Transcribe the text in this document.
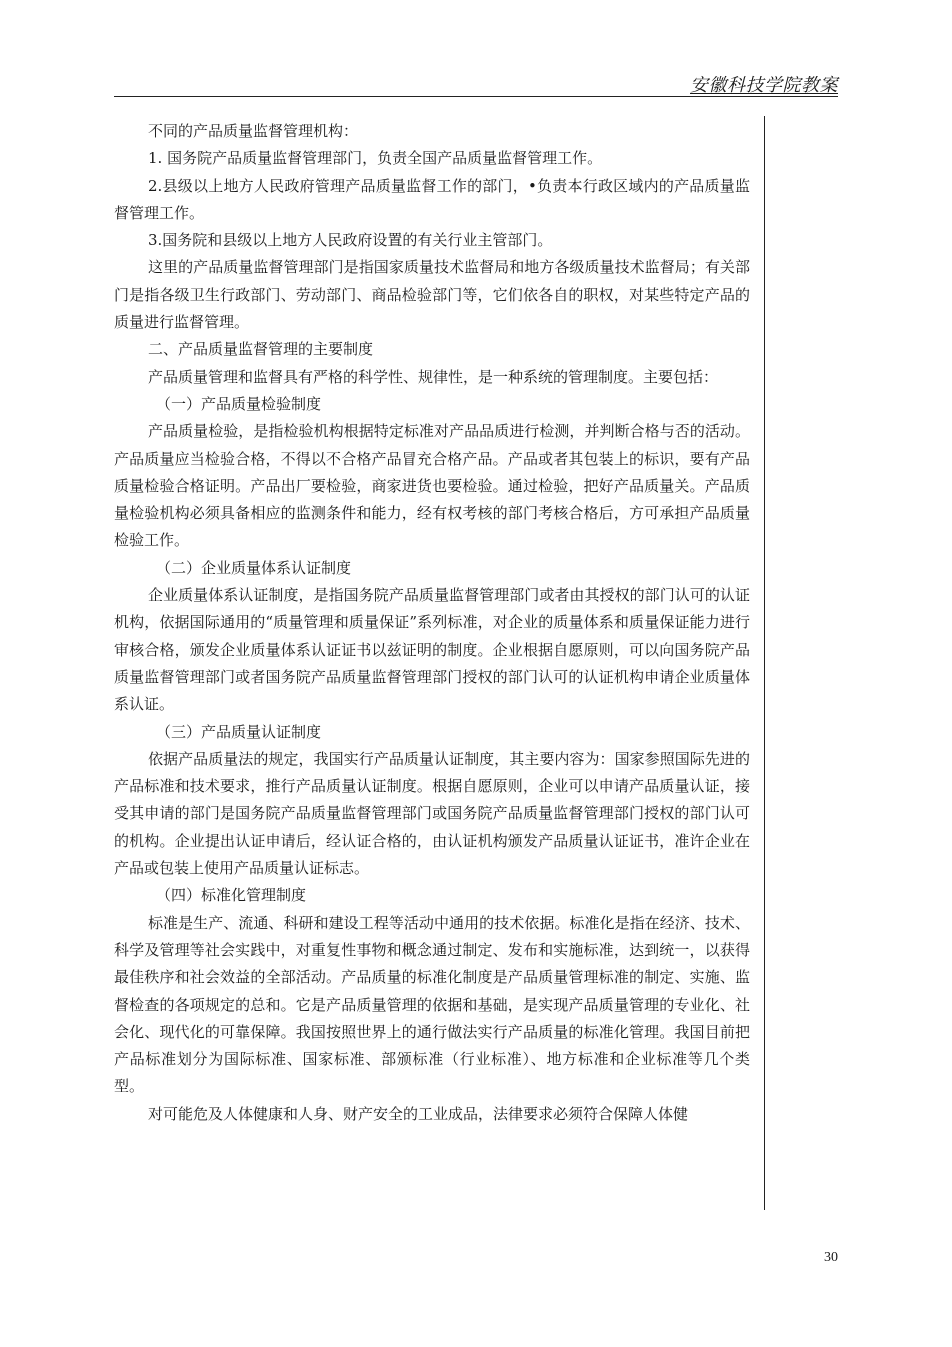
安徽科技学院教案

不同的产品质量监督管理机构：

1. 国务院产品质量监督管理部门，负责全国产品质量监督管理工作。

2.县级以上地方人民政府管理产品质量监督工作的部门，•负责本行政区域内的产品质量监督管理工作。

3.国务院和县级以上地方人民政府设置的有关行业主管部门。

这里的产品质量监督管理部门是指国家质量技术监督局和地方各级质量技术监督局；有关部门是指各级卫生行政部门、劳动部门、商品检验部门等，它们依各自的职权，对某些特定产品的质量进行监督管理。

二、产品质量监督管理的主要制度

产品质量管理和监督具有严格的科学性、规律性，是一种系统的管理制度。主要包括：

（一）产品质量检验制度

产品质量检验，是指检验机构根据特定标准对产品品质进行检测，并判断合格与否的活动。产品质量应当检验合格，不得以不合格产品冒充合格产品。产品或者其包装上的标识，要有产品质量检验合格证明。产品出厂要检验，商家进货也要检验。通过检验，把好产品质量关。产品质量检验机构必须具备相应的监测条件和能力，经有权考核的部门考核合格后，方可承担产品质量检验工作。

（二）企业质量体系认证制度

企业质量体系认证制度，是指国务院产品质量监督管理部门或者由其授权的部门认可的认证机构，依据国际通用的“质量管理和质量保证”系列标准，对企业的质量体系和质量保证能力进行审核合格，颁发企业质量体系认证证书以兹证明的制度。企业根据自愿原则，可以向国务院产品质量监督管理部门或者国务院产品质量监督管理部门授权的部门认可的认证机构申请企业质量体系认证。

（三）产品质量认证制度

依据产品质量法的规定，我国实行产品质量认证制度，其主要内容为：国家参照国际先进的产品标准和技术要求，推行产品质量认证制度。根据自愿原则，企业可以申请产品质量认证，接受其申请的部门是国务院产品质量监督管理部门或国务院产品质量监督管理部门授权的部门认可的机构。企业提出认证申请后，经认证合格的，由认证机构颁发产品质量认证证书，准许企业在产品或包装上使用产品质量认证标志。

（四）标准化管理制度

标准是生产、流通、科研和建设工程等活动中通用的技术依据。标准化是指在经济、技术、科学及管理等社会实践中，对重复性事物和概念通过制定、发布和实施标准，达到统一，以获得最佳秩序和社会效益的全部活动。产品质量的标准化制度是产品质量管理标准的制定、实施、监督检查的各项规定的总和。它是产品质量管理的依据和基础，是实现产品质量管理的专业化、社会化、现代化的可靠保障。我国按照世界上的通行做法实行产品质量的标准化管理。我国目前把产品标准划分为国际标准、国家标准、部颁标准（行业标准）、地方标准和企业标准等几个类型。

对可能危及人体健康和人身、财产安全的工业成品，法律要求必须符合保障人体健

30
